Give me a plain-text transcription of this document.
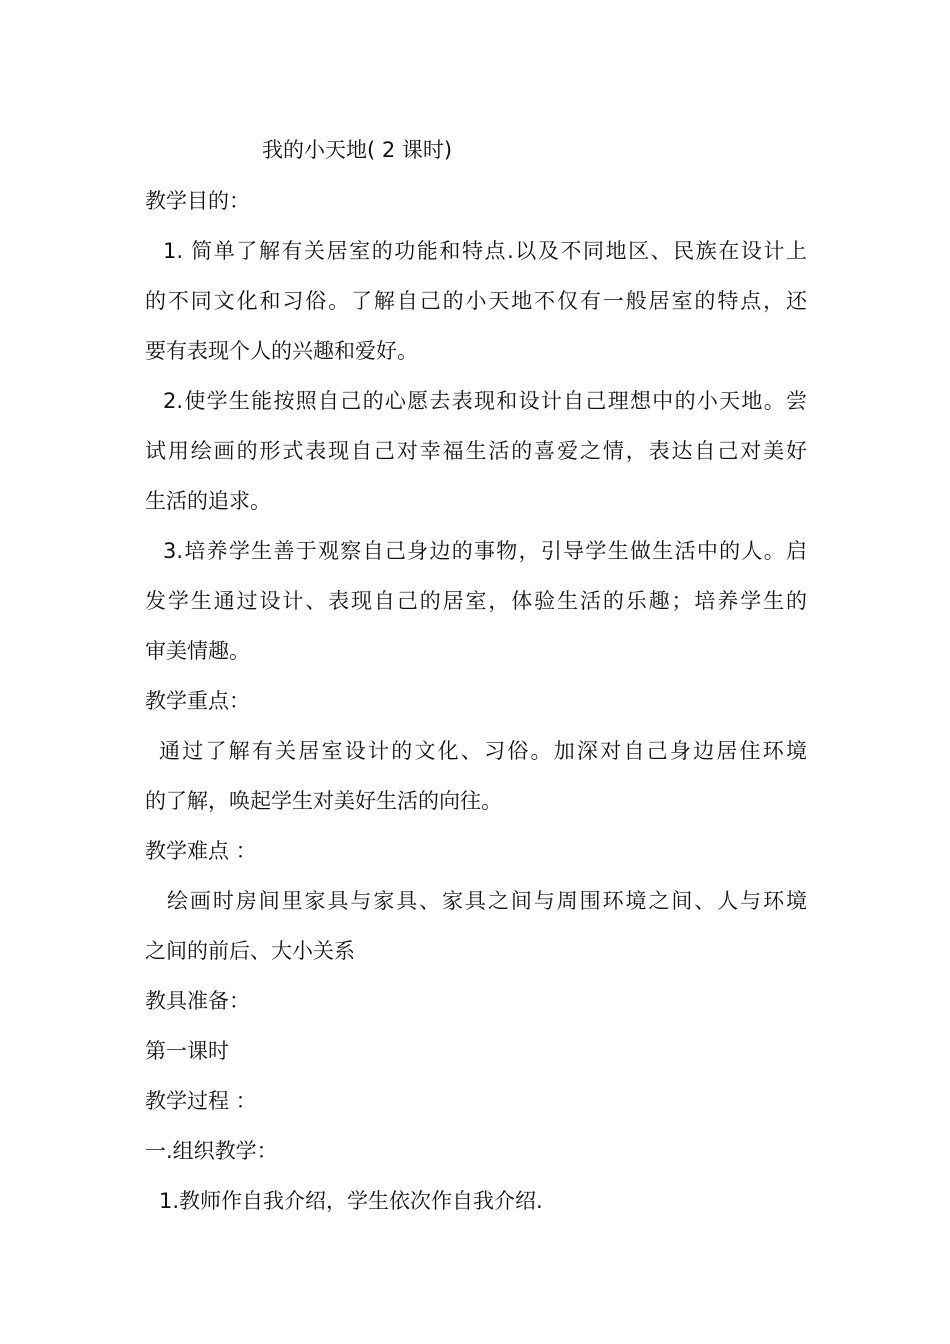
我的小天地( 2 课时)
教学目的：
1. 简单了解有关居室的功能和特点.以及不同地区、民族在设计上
的不同文化和习俗。了解自己的小天地不仅有一般居室的特点，还
要有表现个人的兴趣和爱好。
2.使学生能按照自己的心愿去表现和设计自己理想中的小天地。尝
试用绘画的形式表现自己对幸福生活的喜爱之情，表达自己对美好
生活的追求。
3.培养学生善于观察自己身边的事物，引导学生做生活中的人。启
发学生通过设计、表现自己的居室，体验生活的乐趣；培养学生的
审美情趣。
教学重点：
通过了解有关居室设计的文化、习俗。加深对自己身边居住环境
的了解，唤起学生对美好生活的向往。
教学难点 ：
绘画时房间里家具与家具、家具之间与周围环境之间、人与环境
之间的前后、大小关系
教具准备：
第一课时
教学过程 ：
一.组织教学：
1.教师作自我介绍，学生依次作自我介绍.
